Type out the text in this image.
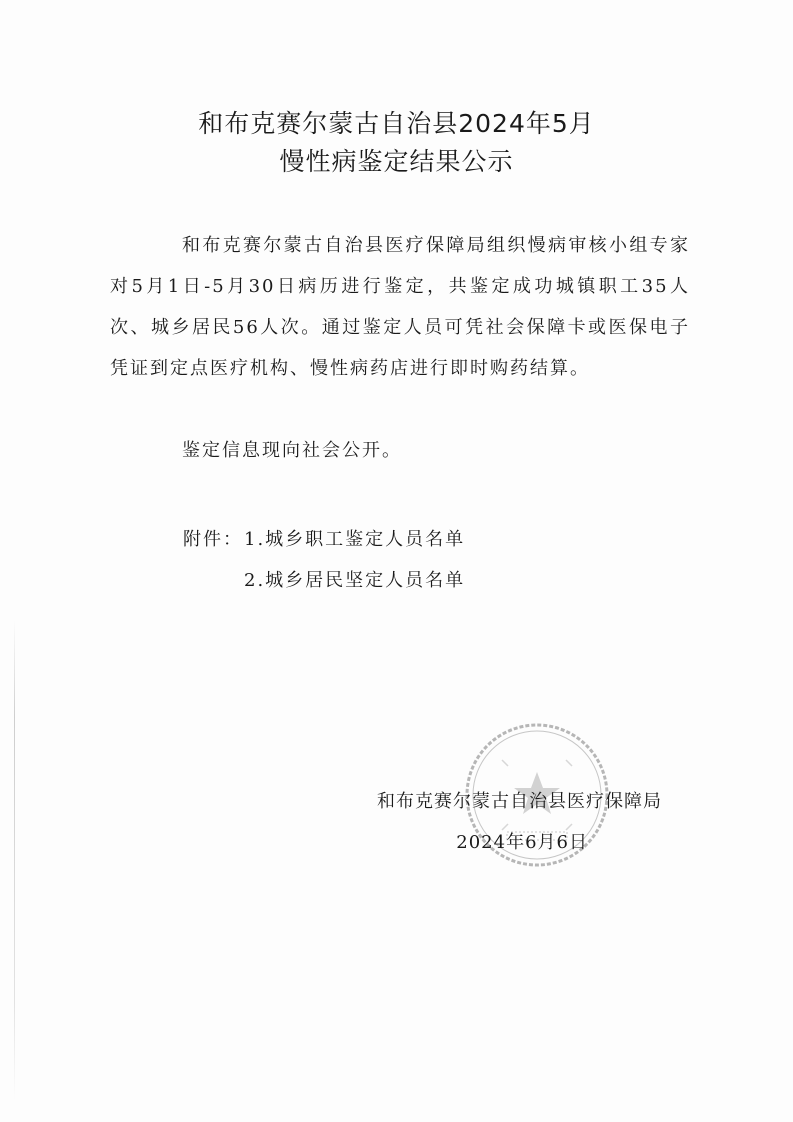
和布克赛尔蒙古自治县2024年5月
慢性病鉴定结果公示

和布克赛尔蒙古自治县医疗保障局组织慢病审核小组专家对5月1日-5月30日病历进行鉴定，共鉴定成功城镇职工35人次、城乡居民56人次。通过鉴定人员可凭社会保障卡或医保电子凭证到定点医疗机构、慢性病药店进行即时购药结算。

鉴定信息现向社会公开。

附件： 1.城乡职工鉴定人员名单

2.城乡居民坚定人员名单

和布克赛尔蒙古自治县医疗保障局

2024年6月6日
